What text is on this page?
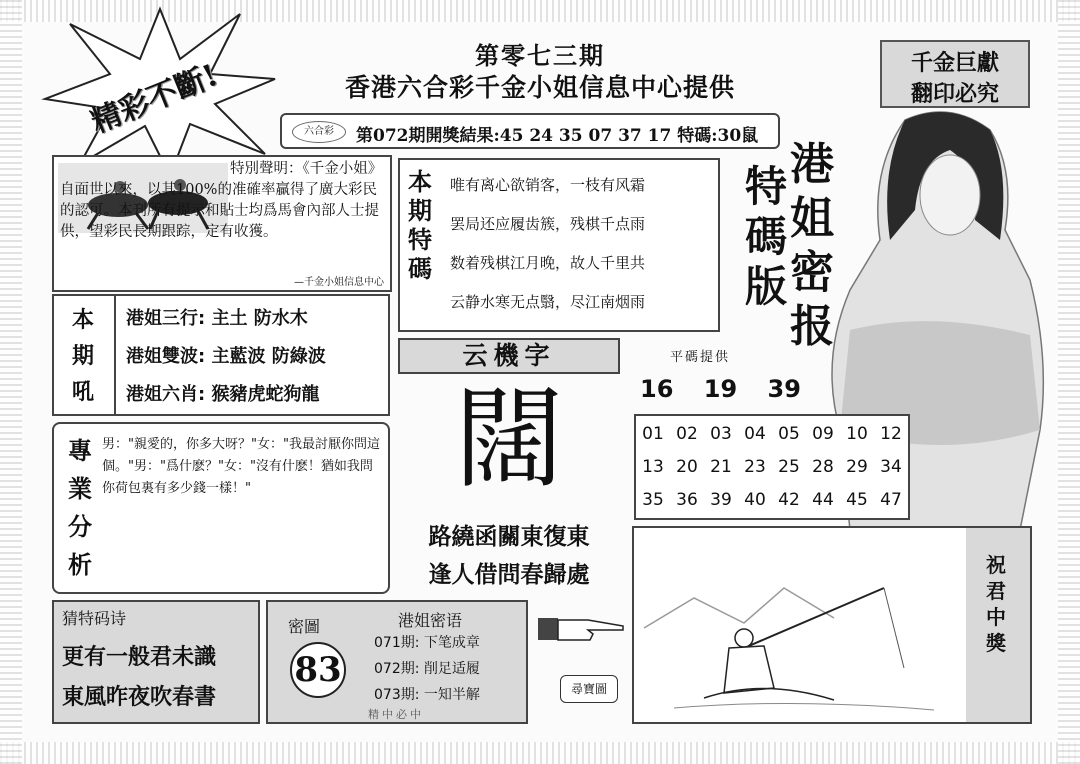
精彩不斷!
第零七三期
香港六合彩千金小姐信息中心提供
千金巨獻
翻印必究
六合彩	第072期開獎結果:45 24 35 07 37 17 特碼:30鼠
特別聲明：《千金小姐》自面世以來，以其100%的准確率贏得了廣大彩民的認可。本刊所有提示和貼士均爲馬會內部人士提供，望彩民長期跟踪，定有收獲。
—千金小姐信息中心
本期特碼
唯有离心欲销客，一枝有风霜
罢局还应履齿簇，残棋千点雨
数着残棋江月晚，故人千里共
云静水寒无点翳，尽江南烟雨
特碼版
港姐密报
本期吼
港姐三行: 主土 防水木
港姐雙波: 主藍波 防綠波
港姐六肖: 猴豬虎蛇狗龍
專業分析
男："親愛的，你多大呀？"女："我最討厭你問這個。"男："爲什麽？"女："沒有什麽！猶如我問你荷包裏有多少錢一樣！"
云機字
闊
路繞函關東復東
逢人借問春歸處
平碼提供
16 19 39
01 02 03 04 05 09 10 12
13 20 21 23 25 28 29 34
35 36 39 40 42 44 45 47
猜特码诗
更有一般君未識
東風昨夜吹春書
密圖
83
港姐密语
071期: 下笔成章
072期: 削足适履
073期: 一知半解
精中必中
尋寶圖
祝君中獎
